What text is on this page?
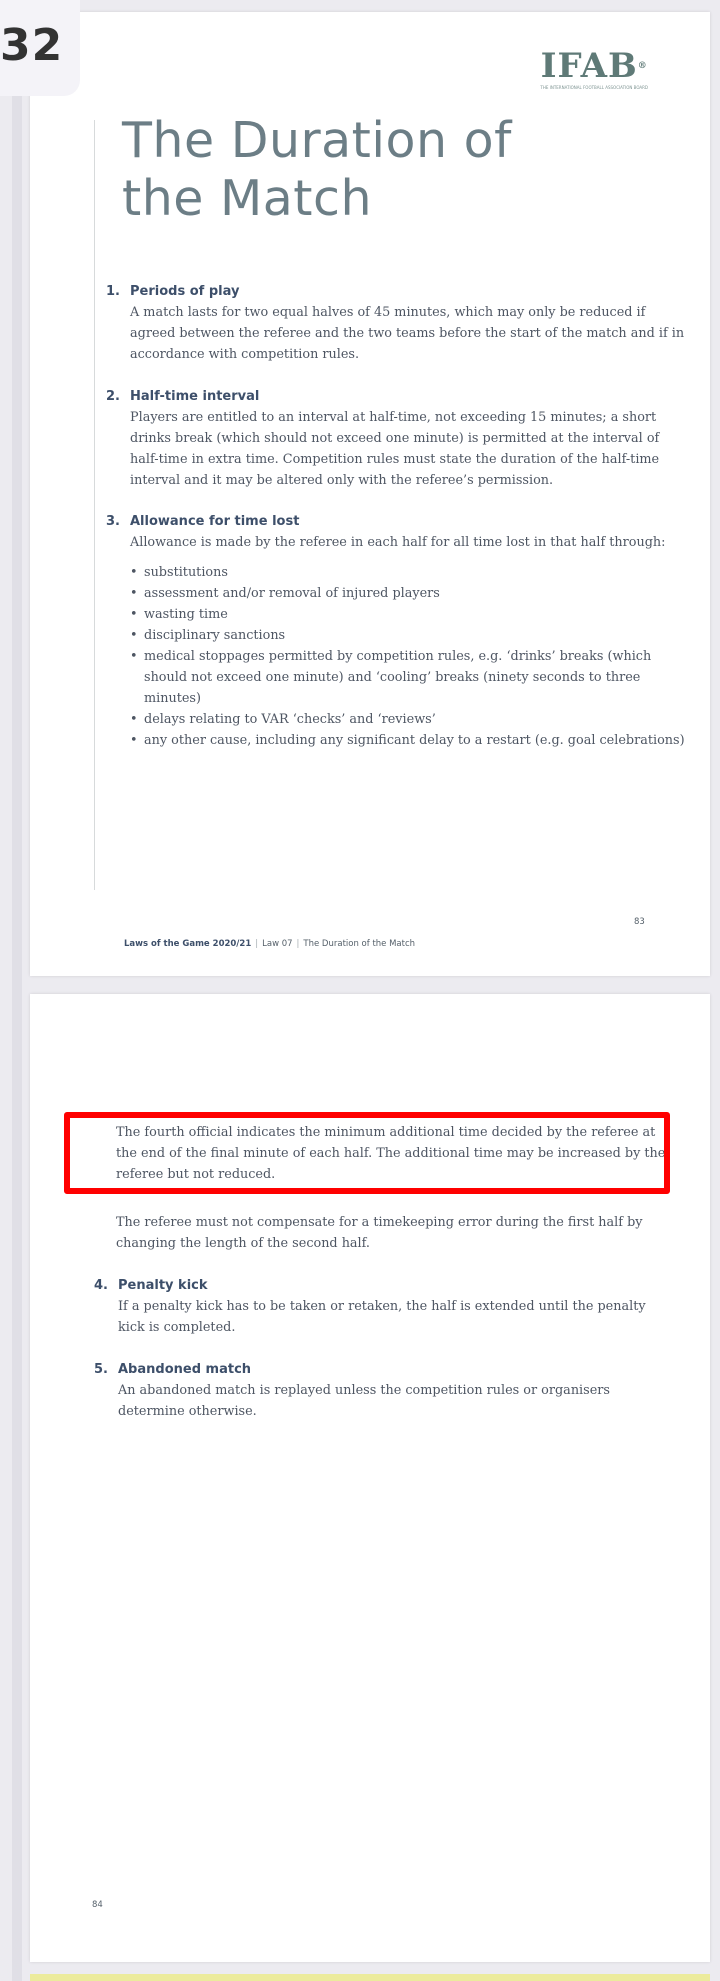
32	IFAB®
THE INTERNATIONAL FOOTBALL ASSOCIATION BOARD
The Duration of
the Match
1. Periods of play

A match lasts for two equal halves of 45 minutes, which may only be reduced if agreed between the referee and the two teams before the start of the match and if in accordance with competition rules.

2. Half-time interval

Players are entitled to an interval at half-time, not exceeding 15 minutes; a short drinks break (which should not exceed one minute) is permitted at the interval of half-time in extra time. Competition rules must state the duration of the half-time interval and it may be altered only with the referee’s permission.

3. Allowance for time lost

Allowance is made by the referee in each half for all time lost in that half through:

• substitutions
• assessment and/or removal of injured players
• wasting time
• disciplinary sanctions
• medical stoppages permitted by competition rules, e.g. ‘drinks’ breaks (which should not exceed one minute) and ‘cooling’ breaks (ninety seconds to three minutes)
• delays relating to VAR ‘checks’ and ‘reviews’
• any other cause, including any significant delay to a restart (e.g. goal celebrations)
Laws of the Game 2020/21 | Law 07 | The Duration of the Match
83

The fourth official indicates the minimum additional time decided by the referee at the end of the final minute of each half. The additional time may be increased by the referee but not reduced.

The referee must not compensate for a timekeeping error during the first half by changing the length of the second half.

4. Penalty kick

If a penalty kick has to be taken or retaken, the half is extended until the penalty kick is completed.

5. Abandoned match

An abandoned match is replayed unless the competition rules or organisers determine otherwise.

84
